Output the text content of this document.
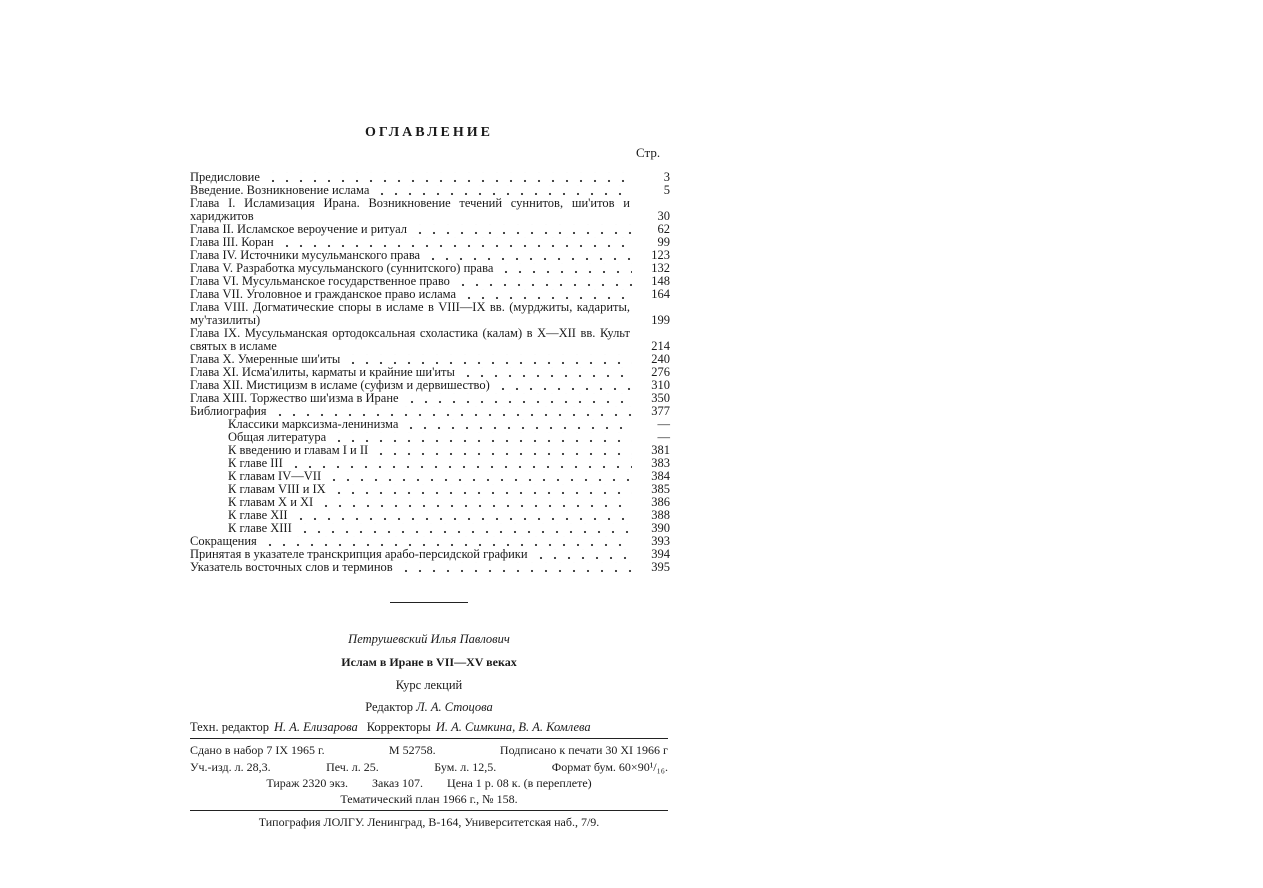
ОГЛАВЛЕНИЕ
Стр.
Предисловие	3
Введение. Возникновение ислама	5
Глава I. Исламизация Ирана. Возникновение течений суннитов, ши'итов и хариджитов	30
Глава II. Исламское вероучение и ритуал	62
Глава III. Коран	99
Глава IV. Источники мусульманского права	123
Глава V. Разработка мусульманского (суннитского) права	132
Глава VI. Мусульманское государственное право	148
Глава VII. Уголовное и гражданское право ислама	164
Глава VIII. Догматические споры в исламе в VIII—IX вв. (мурджиты, кадариты, му'тазилиты)	199
Глава IX. Мусульманская ортодоксальная схоластика (калам) в X—XII вв. Культ святых в исламе	214
Глава X. Умеренные ши'иты	240
Глава XI. Исма'илиты, карматы и крайние ши'иты	276
Глава XII. Мистицизм в исламе (суфизм и дервишество)	310
Глава XIII. Торжество ши'изма в Иране	350
Библиография	377
Классики марксизма-ленинизма	—
Общая литература	—
К введению и главам I и II	381
К главе III	383
К главам IV—VII	384
К главам VIII и IX	385
К главам X и XI	386
К главе XII	388
К главе XIII	390
Сокращения	393
Принятая в указателе транскрипция арабо-персидской графики	394
Указатель восточных слов и терминов	395
Петрушевский Илья Павлович
Ислам в Иране в VII—XV веках
Курс лекций
Редактор Л. А. Стоцова
Техн. редактор Н. А. Елизарова Корректоры И. А. Симкина, В. А. Комлева
Сдано в набор 7 IX 1965 г.	М 52758.	Подписано к печати 30 XI 1966 г
Уч.-изд. л. 28,3.	Печ. л. 25.	Бум. л. 12,5.	Формат бум. 60×90¹/₁₆.
Тираж 2320 экз. Заказ 107. Цена 1 р. 08 к. (в переплете)
Тематический план 1966 г., № 158.
Типография ЛОЛГУ. Ленинград, В-164, Университетская наб., 7/9.
